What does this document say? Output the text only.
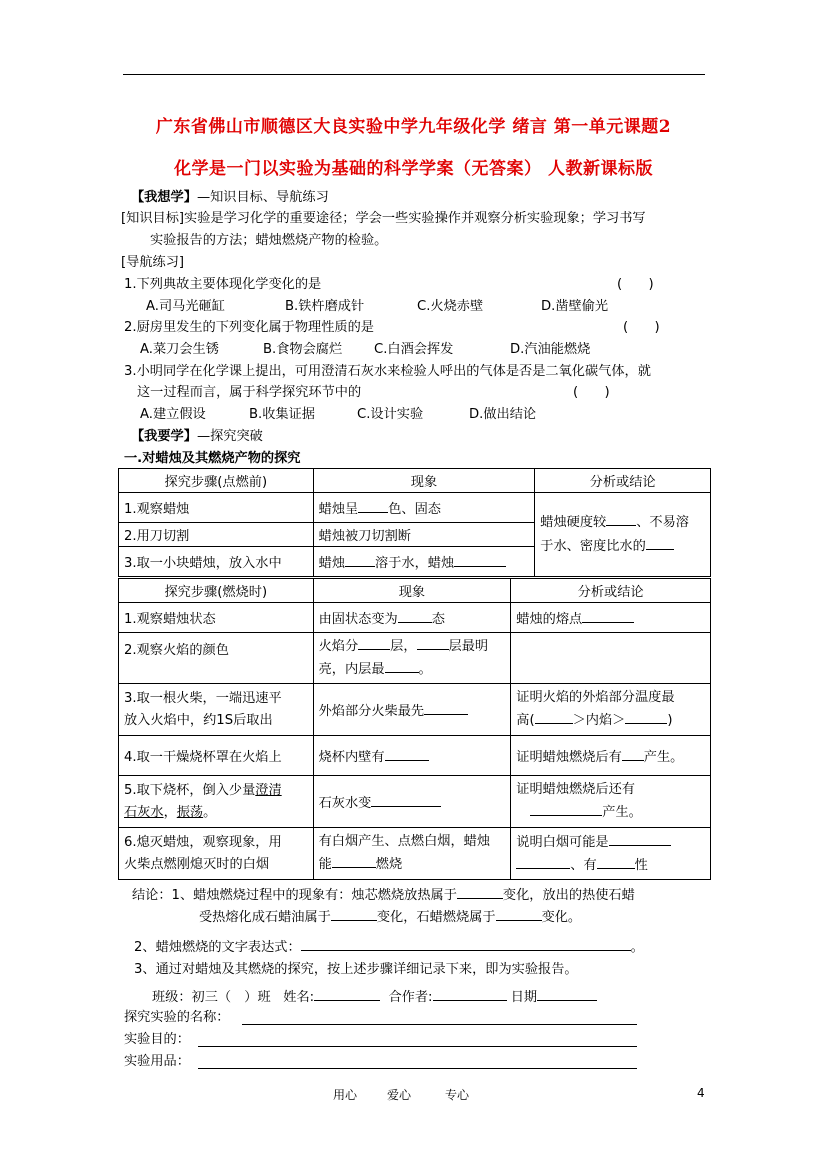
广东省佛山市顺德区大良实验中学九年级化学 绪言 第一单元课题2
化学是一门以实验为基础的科学学案（无答案） 人教新课标版
【我想学】—知识目标、导航练习
[知识目标]实验是学习化学的重要途径；学会一些实验操作并观察分析实验现象；学习书写
实验报告的方法；蜡烛燃烧产物的检验。
[导航练习]
1.下列典故主要体现化学变化的是	(　　)
A.司马光砸缸	B.铁杵磨成针	C.火烧赤壁	D.凿壁偷光
2.厨房里发生的下列变化属于物理性质的是	(　　)
A.菜刀会生锈	B.食物会腐烂 C.白酒会挥发	D.汽油能燃烧
3.小明同学在化学课上提出，可用澄清石灰水来检验人呼出的气体是否是二氧化碳气体，就
这一过程而言，属于科学探究环节中的	(　　)
A.建立假设	B.收集证据	C.设计实验	D.做出结论
【我要学】—探究突破
一.对蜡烛及其燃烧产物的探究
探究步骤(点燃前)	现象	分析或结论
1.观察蜡烛	蜡烛呈 色、固态	蜡烛硬度较 、不易溶
于水、密度比水的
2.用刀切割	蜡烛被刀切割断	
3.取一小块蜡烛，放入水中	蜡烛 溶于水，蜡烛	
探究步骤(燃烧时)	现象	分析或结论
1.观察蜡烛状态	由固状态变为 态	蜡烛的熔点
2.观察火焰的颜色	火焰分 层， 层最明
亮，内层最 。	
3.取一根火柴，一端迅速平
放入火焰中，约1S后取出	外焰部分火柴最先	证明火焰的外焰部分温度最
高( ＞内焰＞ )
4.取一干燥烧杯罩在火焰上	烧杯内壁有	证明蜡烛燃烧后有 产生。
5.取下烧杯，倒入少量澄清
石灰水，振荡。	石灰水变	证明蜡烛燃烧后还有
产生。
6.熄灭蜡烛，观察现象，用
火柴点燃刚熄灭时的白烟	有白烟产生、点燃白烟，蜡烛
能 燃烧	说明白烟可能是
、有 性
结论：1、蜡烛燃烧过程中的现象有：烛芯燃烧放热属于	变化，放出的热使石蜡
受热熔化成石蜡油属于	变化，石蜡燃烧属于	变化。
2、蜡烛燃烧的文字表达式：	。
3、通过对蜡烛及其燃烧的探究，按上述步骤详细记录下来，即为实验报告。
班级：初三（　）班 姓名:	合作者:	日期
探究实验的名称：
实验目的：
实验用品：
用心 爱心	专心	4
